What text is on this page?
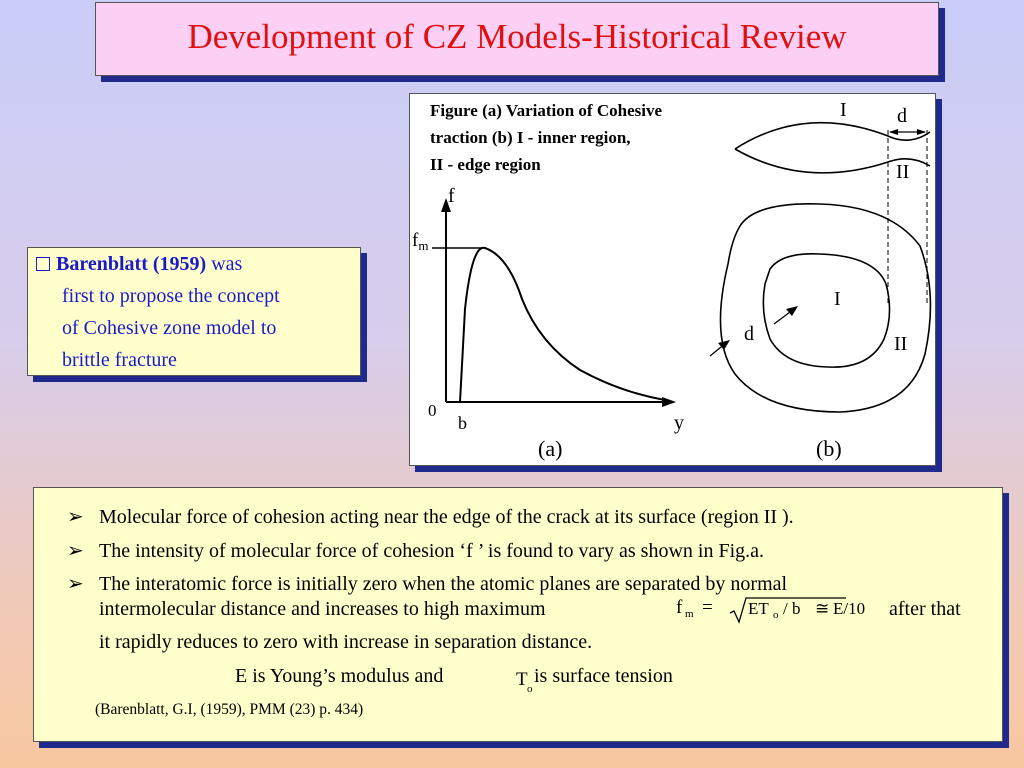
Development of CZ Models-Historical Review
Barenblatt (1959) was
first to propose the concept
of Cohesive zone model to
brittle fracture
f
$f_m$
0
b	y
(a)
I	d
II
I
d	II
(b)
Figure (a) Variation of Cohesive
traction (b) I - inner region,
II - edge region
➢ Molecular force of cohesion acting near the edge of the crack at its surface (region II ).
➢ The intensity of molecular force of cohesion ‘f ’ is found to vary as shown in Fig.a.
➢ The interatomic force is initially zero when the atomic planes are separated by normal
intermolecular distance and increases to high maximum	f m = ET o / b ≅ E/10 after that
it rapidly reduces to zero with increase in separation distance.
E is Young’s modulus and	T o
is surface tension
(Barenblatt, G.I, (1959), PMM (23) p. 434)
